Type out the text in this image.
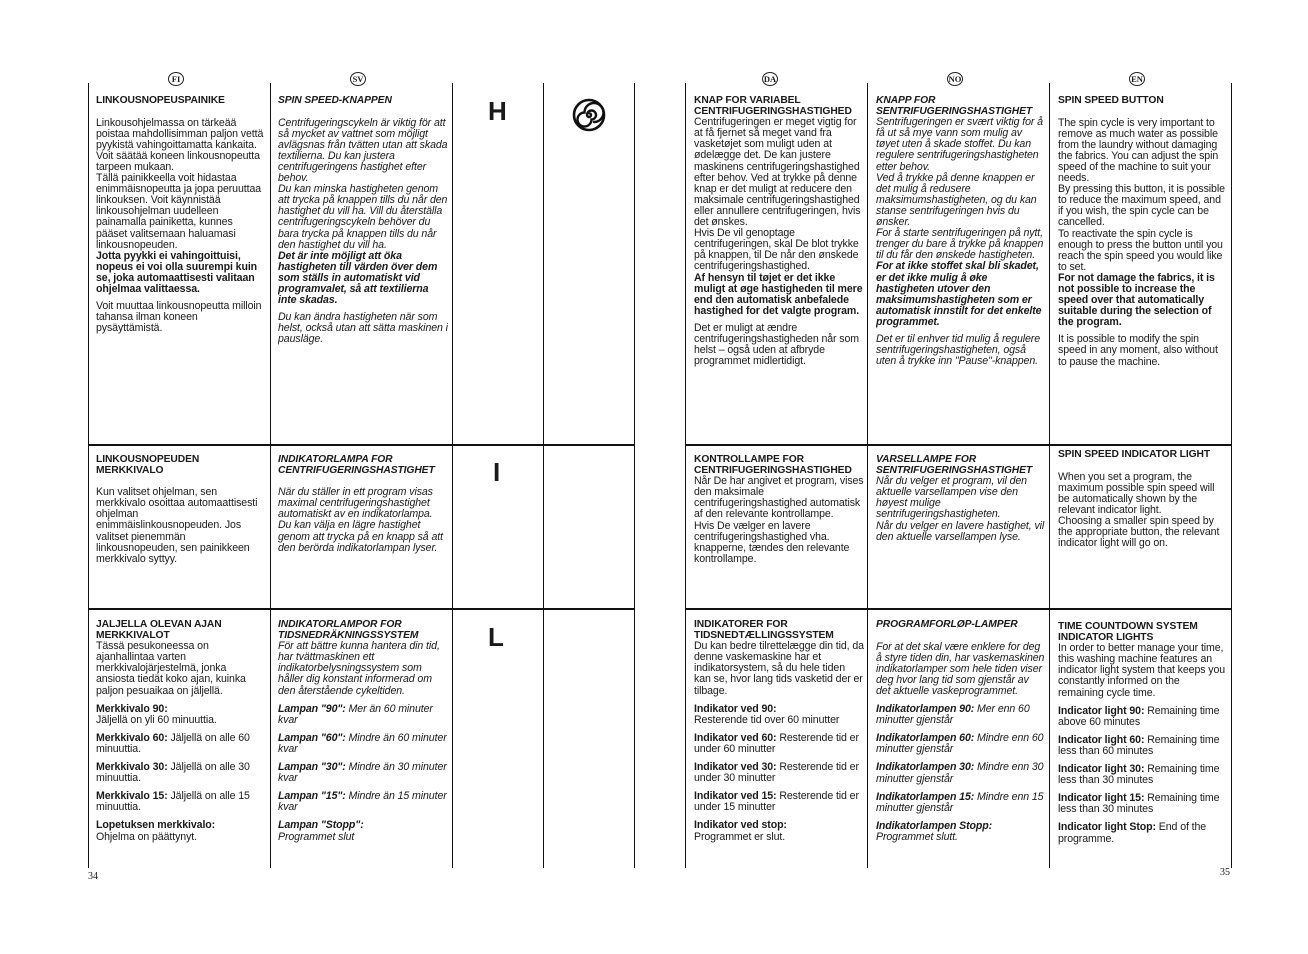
FI	SV	DA	NO	EN
H
I
L
LINKOUSNOPEUSPAINIKE
Linkousohjelmassa on tärkeää poistaa mahdollisimman paljon vettä pyykistä vahingoittamatta kankaita. Voit säätää koneen linkousnopeutta tarpeen mukaan.
Tällä painikkeella voit hidastaa enimmäisnopeutta ja jopa peruuttaa linkouksen. Voit käynnistää linkousohjelman uudelleen painamalla painiketta, kunnes pääset valitsemaan haluamasi linkousnopeuden.
Jotta pyykki ei vahingoittuisi, nopeus ei voi olla suurempi kuin se, joka automaattisesti valitaan ohjelmaa valittaessa.

Voit muuttaa linkousnopeutta milloin tahansa ilman koneen pysäyttämistä.

LINKOUSNOPEUDEN MERKKIVALO
Kun valitset ohjelman, sen merkkivalo osoittaa automaattisesti ohjelman enimmäislinkousnopeuden. Jos valitset pienemmän linkousnopeuden, sen painikkeen merkkivalo syttyy.
JÄLJELLÄ OLEVAN AJAN MERKKIVALOT

Tässä pesukoneessa on ajanhallintaa varten merkkivalojärjestelmä, jonka ansiosta tiedät koko ajan, kuinka paljon pesuaikaa on jäljellä.

Merkkivalo 90:
Jäljellä on yli 60 minuuttia.

Merkkivalo 60: Jäljellä on alle 60 minuuttia.

Merkkivalo 30: Jäljellä on alle 30 minuuttia.

Merkkivalo 15: Jäljellä on alle 15 minuuttia.

Lopetuksen merkkivalo:
Ohjelma on päättynyt.

SPIN SPEED-KNAPPEN
Centrifugeringscykeln är viktig för att så mycket av vattnet som möjligt avlägsnas från tvätten utan att skada textilierna. Du kan justera centrifugeringens hastighet efter behov.
Du kan minska hastigheten genom att trycka på knappen tills du når den hastighet du vill ha. Vill du återställa centrifugeringscykeln behöver du bara trycka på knappen tills du når den hastighet du vill ha.
Det är inte möjligt att öka hastigheten till värden över dem som ställs in automatiskt vid programvalet, så att textilierna inte skadas.

Du kan ändra hastigheten när som helst, också utan att sätta maskinen i pausläge.

INDIKATORLAMPA FÖR CENTRIFUGERINGSHASTIGHET
När du ställer in ett program visas maximal centrifugeringshastighet automatiskt av en indikatorlampa.
Du kan välja en lägre hastighet genom att trycka på en knapp så att den berörda indikatorlampan lyser.
INDIKATORLAMPOR FÖR TIDSNEDRÄKNINGSSYSTEM

För att bättre kunna hantera din tid, har tvättmaskinen ett indikatorbelysningssystem som håller dig konstant informerad om den återstående cykeltiden.

Lampan "90": Mer än 60 minuter kvar

Lampan "60": Mindre än 60 minuter kvar

Lampan "30": Mindre än 30 minuter kvar

Lampan "15": Mindre än 15 minuter kvar

Lampan "Stopp":
Programmet slut

KNAP FOR VARIABEL CENTRIFUGERINGSHASTIGHED
Centrifugeringen er meget vigtig for at få fjernet så meget vand fra vasketøjet som muligt uden at ødelægge det. De kan justere maskinens centrifugeringshastighed efter behov. Ved at trykke på denne knap er det muligt at reducere den maksimale centrifugeringshastighed eller annullere centrifugeringen, hvis det ønskes.
Hvis De vil genoptage centrifugeringen, skal De blot trykke på knappen, til De når den ønskede centrifugeringshastighed.
Af hensyn til tøjet er det ikke muligt at øge hastigheden til mere end den automatisk anbefalede hastighed for det valgte program.

Det er muligt at ændre centrifugeringshastigheden når som helst – også uden at afbryde programmet midlertidigt.

KONTROLLAMPE FOR CENTRIFUGERINGSHASTIGHED
Når De har angivet et program, vises den maksimale centrifugeringshastighed automatisk af den relevante kontrollampe.
Hvis De vælger en lavere centrifugeringshastighed vha. knapperne, tændes den relevante kontrollampe.
INDIKATORER FOR TIDSNEDTÆLLINGSSYSTEM

Du kan bedre tilrettelægge din tid, da denne vaskemaskine har et indikatorsystem, så du hele tiden kan se, hvor lang tids vasketid der er tilbage.

Indikator ved 90:
Resterende tid over 60 minutter

Indikator ved 60: Resterende tid er under 60 minutter

Indikator ved 30: Resterende tid er under 30 minutter

Indikator ved 15: Resterende tid er under 15 minutter

Indikator ved stop:
Programmet er slut.

KNAPP FOR SENTRIFUGERINGSHASTIGHET
Sentrifugeringen er svært viktig for å få ut så mye vann som mulig av tøyet uten å skade stoffet. Du kan regulere sentrifugeringshastigheten etter behov.
Ved å trykke på denne knappen er det mulig å redusere maksimumshastigheten, og du kan stanse sentrifugeringen hvis du ønsker.
For å starte sentrifugeringen på nytt, trenger du bare å trykke på knappen til du får den ønskede hastigheten.
For at ikke stoffet skal bli skadet, er det ikke mulig å øke hastigheten utover den maksimumshastigheten som er automatisk innstilt for det enkelte programmet.

Det er til enhver tid mulig å regulere sentrifugeringshastigheten, også uten å trykke inn "Pause"-knappen.

VARSELLAMPE FOR SENTRIFUGERINGSHASTIGHET
Når du velger et program, vil den aktuelle varsellampen vise den høyest mulige sentrifugeringshastigheten.
Når du velger en lavere hastighet, vil den aktuelle varsellampen lyse.
PROGRAMFORLØP-LAMPER

For at det skal være enklere for deg å styre tiden din, har vaskemaskinen indikatorlamper som hele tiden viser deg hvor lang tid som gjenstår av det aktuelle vaskeprogrammet.

Indikatorlampen 90: Mer enn 60 minutter gjenstår

Indikatorlampen 60: Mindre enn 60 minutter gjenstår

Indikatorlampen 30: Mindre enn 30 minutter gjenstår

Indikatorlampen 15: Mindre enn 15 minutter gjenstår

Indikatorlampen Stopp:
Programmet slutt.

SPIN SPEED BUTTON
The spin cycle is very important to remove as much water as possible from the laundry without damaging the fabrics. You can adjust the spin speed of the machine to suit your needs.
By pressing this button, it is possible to reduce the maximum speed, and if you wish, the spin cycle can be cancelled.
To reactivate the spin cycle is enough to press the button until you reach the spin speed you would like to set.
For not damage the fabrics, it is not possible to increase the speed over that automatically suitable during the selection of the program.

It is possible to modify the spin speed in any moment, also without to pause the machine.

SPIN SPEED INDICATOR LIGHT
When you set a program, the maximum possible spin speed will be automatically shown by the relevant indicator light.
Choosing a smaller spin speed by the appropriate button, the relevant indicator light will go on.
TIME COUNTDOWN SYSTEM INDICATOR LIGHTS

In order to better manage your time, this washing machine features an indicator light system that keeps you constantly informed on the remaining cycle time.

Indicator light 90: Remaining time above 60 minutes

Indicator light 60: Remaining time less than 60 minutes

Indicator light 30: Remaining time less than 30 minutes

Indicator light 15: Remaining time less than 30 minutes

Indicator light Stop: End of the programme.

34	35
